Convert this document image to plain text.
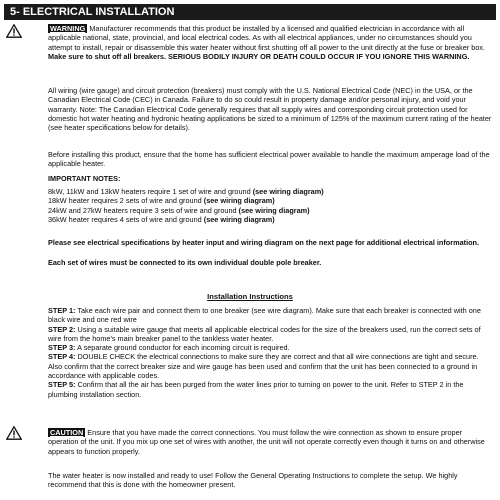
5- ELECTRICAL INSTALLATION
WARNING Manufacturer recommends that this product be installed by a licensed and qualified electrician in accordance with all applicable national, state, provincial, and local electrical codes. As with all electrical appliances, under no circumstances should you attempt to install, repair or disassemble this water heater without first shutting off all power to the unit directly at the fuse or breaker box. Make sure to shut off all breakers. SERIOUS BODILY INJURY OR DEATH COULD OCCUR IF YOU IGNORE THIS WARNING.
All wiring (wire gauge) and circuit protection (breakers) must comply with the U.S. National Electrical Code (NEC) in the USA, or the Canadian Electrical Code (CEC) in Canada. Failure to do so could result in property damage and/or personal injury, and void your warranty. Note: The Canadian Electrical Code generally requires that all supply wires and corresponding circuit protection used for domestic hot water heating and hydronic heating applications be sized to a minimum of 125% of the maximum current rating of the heater (see heater specifications below for details).
Before installing this product, ensure that the home has sufficient electrical power available to handle the maximum amperage load of the applicable heater.
IMPORTANT NOTES:

8kW, 11kW and 13kW heaters require 1 set of wire and ground (see wiring diagram)

18kW heater requires 2 sets of wire and ground (see wiring diagram)

24kW and 27kW heaters require 3 sets of wire and ground (see wiring diagram)

36kW heater requires 4 sets of wire and ground (see wiring diagram)

Please see electrical specifications by heater input and wiring diagram on the next page for additional electrical information.
Each set of wires must be connected to its own individual double pole breaker.
Installation Instructions

STEP 1: Take each wire pair and connect them to one breaker (see wire diagram). Make sure that each breaker is connected with one black wire and one red wire

STEP 2: Using a suitable wire gauge that meets all applicable electrical codes for the size of the breakers used, run the correct sets of wire from the home's main breaker panel to the tankless water heater.

STEP 3: A separate ground conductor for each incoming circuit is required.

STEP 4: DOUBLE CHECK the electrical connections to make sure they are correct and that all wire connections are tight and secure. Also confirm that the correct breaker size and wire gauge has been used and confirm that the unit has been connected to a ground in accordance with applicable codes.

STEP 5: Confirm that all the air has been purged from the water lines prior to turning on power to the unit. Refer to STEP 2 in the plumbing installation section.

CAUTION Ensure that you have made the correct connections. You must follow the wire connection as shown to ensure proper operation of the unit. If you mix up one set of wires with another, the unit will not operate correctly even though it turns on and otherwise appears to function properly.
The water heater is now installed and ready to use! Follow the General Operating Instructions to complete the setup. We highly recommend that this is done with the homeowner present.
